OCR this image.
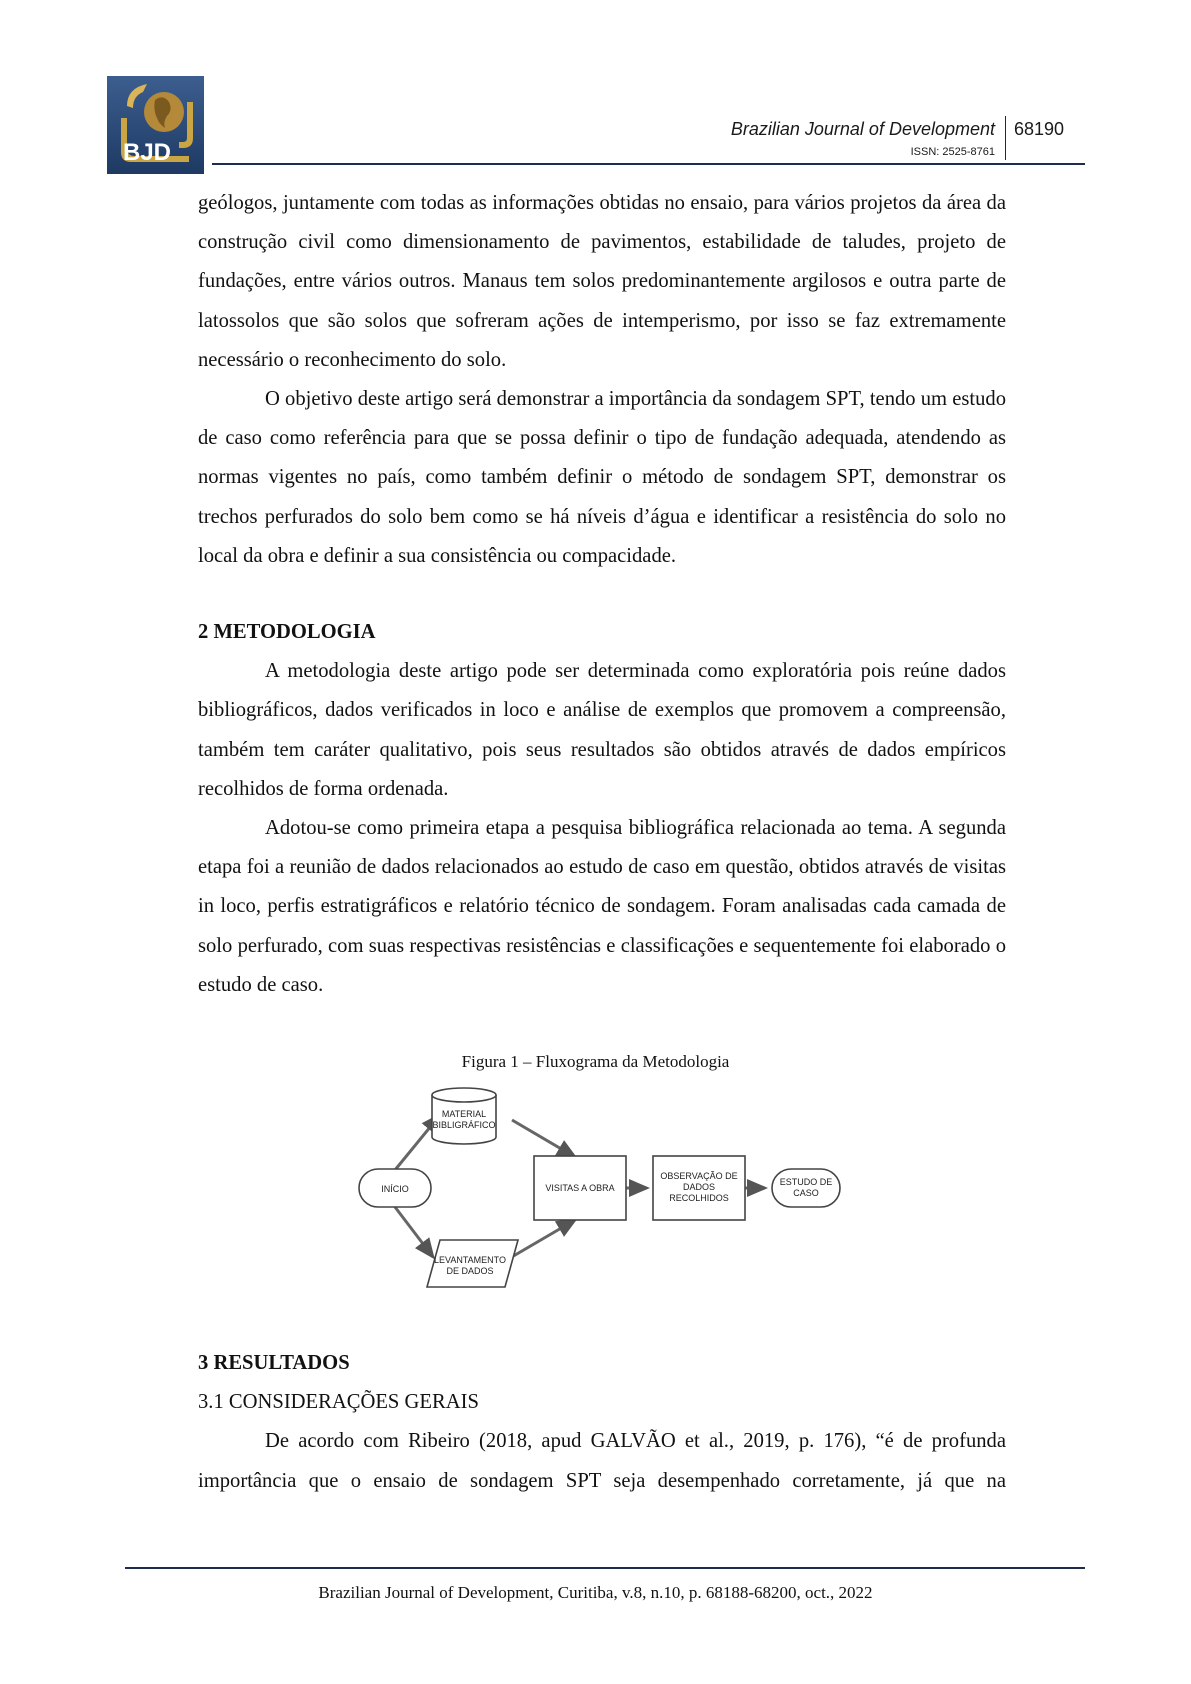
BJD
Brazilian Journal of Development
ISSN: 2525-8761
68190

geólogos, juntamente com todas as informações obtidas no ensaio, para vários projetos da área da construção civil como dimensionamento de pavimentos, estabilidade de taludes, projeto de fundações, entre vários outros. Manaus tem solos predominantemente argilosos e outra parte de latossolos que são solos que sofreram ações de intemperismo, por isso se faz extremamente necessário o reconhecimento do solo.

O objetivo deste artigo será demonstrar a importância da sondagem SPT, tendo um estudo de caso como referência para que se possa definir o tipo de fundação adequada, atendendo as normas vigentes no país, como também definir o método de sondagem SPT, demonstrar os trechos perfurados do solo bem como se há níveis d’água e identificar a resistência do solo no local da obra e definir a sua consistência ou compacidade.

2 METODOLOGIA

A metodologia deste artigo pode ser determinada como exploratória pois reúne dados bibliográficos, dados verificados in loco e análise de exemplos que promovem a compreensão, também tem caráter qualitativo, pois seus resultados são obtidos através de dados empíricos recolhidos de forma ordenada.

Adotou-se como primeira etapa a pesquisa bibliográfica relacionada ao tema. A segunda etapa foi a reunião de dados relacionados ao estudo de caso em questão, obtidos através de visitas in loco, perfis estratigráficos e relatório técnico de sondagem. Foram analisadas cada camada de solo perfurado, com suas respectivas resistências e classificações e sequentemente foi elaborado o estudo de caso.

Figura 1 – Fluxograma da Metodologia
INÍCIO
MATERIAL
BIBLIGRÁFICO
LEVANTAMENTO
DE DADOS
VISITAS A OBRA
OBSERVAÇÃO DE
DADOS
RECOLHIDOS
ESTUDO DE
CASO

3 RESULTADOS

3.1 CONSIDERAÇÕES GERAIS

De acordo com Ribeiro (2018, apud GALVÃO et al., 2019, p. 176), “é de profunda importância que o ensaio de sondagem SPT seja desempenhado corretamente, já que na

Brazilian Journal of Development, Curitiba, v.8, n.10, p. 68188-68200, oct., 2022
